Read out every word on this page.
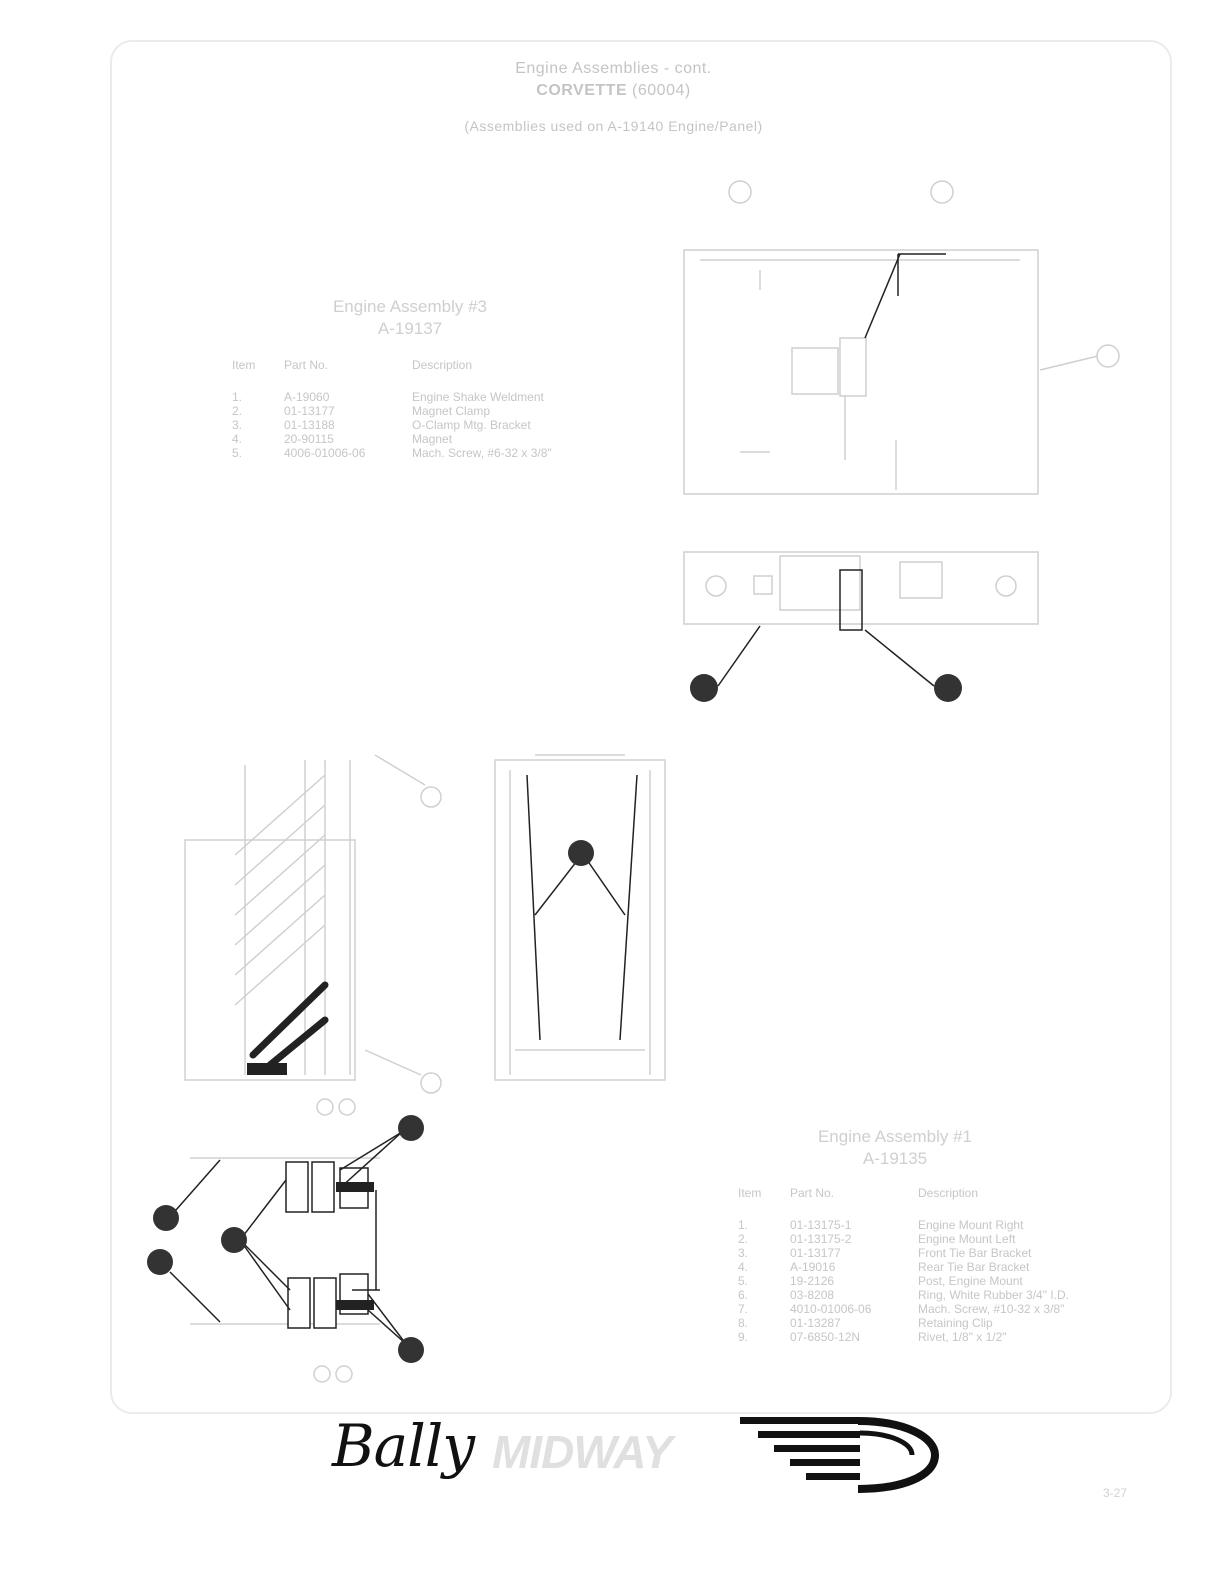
Engine Assemblies - cont.
CORVETTE (60004)
(Assemblies used on A-19140 Engine/Panel)
Engine Assembly #3
A-19137
Item	Part No.	Description
1.	A-19060	Engine Shake Weldment
2.	01-13177	Magnet Clamp
3.	01-13188	O-Clamp Mtg. Bracket
4.	20-90115	Magnet
5.	4006-01006-06	Mach. Screw, #6-32 x 3/8"
Engine Assembly #1
A-19135
Item	Part No.	Description
1.	01-13175-1	Engine Mount Right
2.	01-13175-2	Engine Mount Left
3.	01-13177	Front Tie Bar Bracket
4.	A-19016	Rear Tie Bar Bracket
5.	19-2126	Post, Engine Mount
6.	03-8208	Ring, White Rubber 3/4" I.D.
7.	4010-01006-06	Mach. Screw, #10-32 x 3/8"
8.	01-13287	Retaining Clip
9.	07-6850-12N	Rivet, 1/8" x 1/2"
Bally MIDWAY
3-27
